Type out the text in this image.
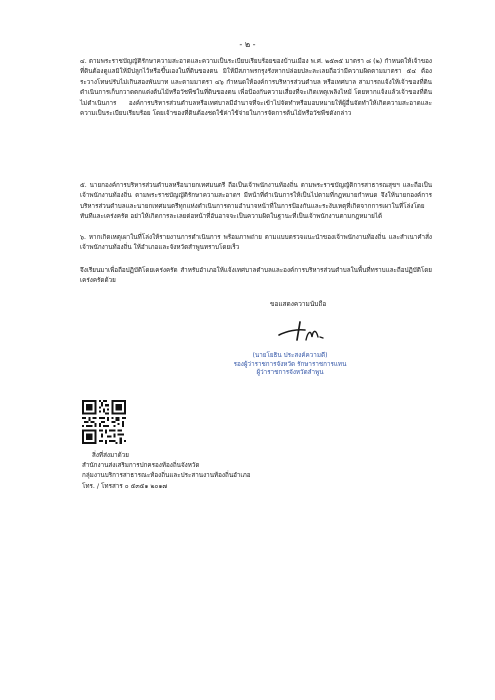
- ๒ -

๔. ตามพระราชบัญญัติรักษาความสะอาดและความเป็นระเบียบเรียบร้อยของบ้านเมือง พ.ศ. ๒๕๓๕ มาตรา ๘ (๒) กำหนดให้เจ้าของที่ดินต้องดูแลมิให้มีปลูกไว้หรือขึ้นเองในที่ดินของตน มิให้มีสภาพรกรุงรังหากปล่อยปละละเลยถือว่ามีความผิดตามมาตรา ๕๔ ต้องระวางโทษปรับไม่เกินสองพันบาท และตามมาตรา ๔๖ กำหนดให้องค์การบริหารส่วนตำบล หรือเทศบาล สามารถแจ้งให้เจ้าของที่ดินดำเนินการเก็บกวาดตกแต่งต้นไม้หรือวัชพืชในที่ดินของตน เพื่อป้องกันความเสี่ยงที่จะเกิดเหตุเพลิงไหม้ โดยหากแจ้งแล้วเจ้าของที่ดินไม่ดำเนินการ องค์การบริหารส่วนตำบลหรือเทศบาลมีอำนาจที่จะเข้าไปจัดทำหรือมอบหมายให้ผู้อื่นจัดทำให้เกิดความสะอาดและความเป็นระเบียบเรียบร้อย โดยเจ้าของที่ดินต้องชดใช้ค่าใช้จ่ายในการจัดการต้นไม้หรือวัชพืชดังกล่าว

๕. นายกองค์การบริหารส่วนตำบลหรือนายกเทศมนตรี ถือเป็นเจ้าพนักงานท้องถิ่น ตามพระราชบัญญัติการสาธารณสุขฯ และถือเป็นเจ้าพนักงานท้องถิ่น ตามพระราชบัญญัติรักษาความสะอาดฯ มีหน้าที่ดำเนินการให้เป็นไปตามที่กฎหมายกำหนด จึงให้นายกองค์การบริหารส่วนตำบลและนายกเทศมนตรีทุกแห่งดำเนินการตามอำนาจหน้าที่ในการป้องกันและระงับเหตุที่เกิดจากการเผาในที่โล่งโดยทันทีและเคร่งครัด อย่าให้เกิดการละเลยต่อหน้าที่อันอาจจะเป็นความผิดในฐานะที่เป็นเจ้าพนักงานตามกฎหมายได้

๖. หากเกิดเหตุเผาในที่โล่งให้รายงานการดำเนินการ พร้อมภาพถ่าย ตามแบบตรวจแนะนำของเจ้าพนักงานท้องถิ่น และสำเนาคำสั่งเจ้าพนักงานท้องถิ่น ให้อำเภอและจังหวัดสำพูนทราบโดยเร็ว

จึงเรียนมาเพื่อถือปฏิบัติโดยเคร่งครัด สำหรับอำเภอให้แจ้งเทศบาลตำบลและองค์การบริหารส่วนตำบลในพื้นที่ทราบและถือปฏิบัติโดยเคร่งครัดด้วย

ขอแสดงความนับถือ
(นายโยธิน ประสงค์ความดี)
รองผู้ว่าราชการจังหวัด รักษาราชการแทน
ผู้ว่าราชการจังหวัดลำพูน
สิ่งที่ส่งมาด้วย
สำนักงานส่งเสริมการปกครองท้องถิ่นจังหวัด
กลุ่มงานบริการสาธารณะท้องถิ่นและประสานงานท้องถิ่นอำเภอ
โทร. / โทรสาร ๐ ๕๓๕๑ ๒๐๑๗
